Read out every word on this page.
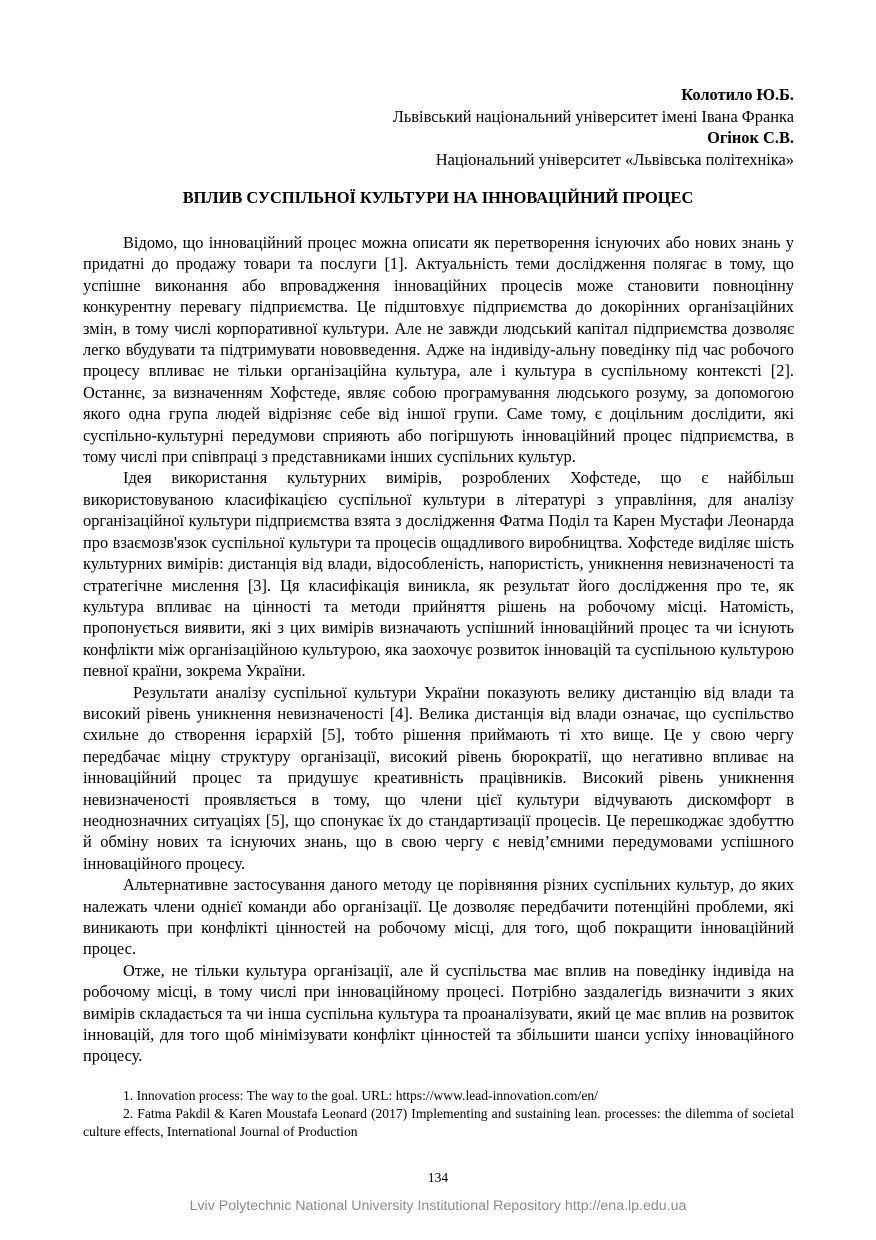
Колотило Ю.Б.
Львівський національний університет імені Івана Франка
Огінок С.В.
Національний університет «Львівська політехніка»
ВПЛИВ СУСПІЛЬНОЇ КУЛЬТУРИ НА ІННОВАЦІЙНИЙ ПРОЦЕС

Відомо, що інноваційний процес можна описати як перетворення існуючих або нових знань у придатні до продажу товари та послуги [1]. Актуальність теми дослідження полягає в тому, що успішне виконання або впровадження інноваційних процесів може становити повноцінну конкурентну перевагу підприємства. Це підштовхує підприємства до докорінних організаційних змін, в тому числі корпоративної культури. Але не завжди людський капітал підприємства дозволяє легко вбудувати та підтримувати нововведення. Адже на індивіду-альну поведінку під час робочого процесу впливає не тільки організаційна культура, але і культура в суспільному контексті [2]. Останнє, за визначенням Хофстеде, являє собою програмування людського розуму, за допомогою якого одна група людей відрізняє себе від іншої групи. Саме тому, є доцільним дослідити, які суспільно-культурні передумови сприяють або погіршують інноваційний процес підприємства, в тому числі при співпраці з представниками інших суспільних культур.

Ідея використання культурних вимірів, розроблених Хофстеде, що є найбільш використовуваною класифікацією суспільної культури в літературі з управління, для аналізу організаційної культури підприємства взята з дослідження Фатма Поділ та Карен Мустафи Леонарда про взаємозв'язок суспільної культури та процесів ощадливого виробництва. Хофстеде виділяє шість культурних вимірів: дистанція від влади, відособленість, напористість, уникнення невизначеності та стратегічне мислення [3]. Ця класифікація виникла, як результат його дослідження про те, як культура впливає на цінності та методи прийняття рішень на робочому місці. Натомість, пропонується виявити, які з цих вимірів визначають успішний інноваційний процес та чи існують конфлікти між організаційною культурою, яка заохочує розвиток інновацій та суспільною культурою певної країни, зокрема України.

Результати аналізу суспільної культури України показують велику дистанцію від влади та високий рівень уникнення невизначеності [4]. Велика дистанція від влади означає, що суспільство схильне до створення ієрархій [5], тобто рішення приймають ті хто вище. Це у свою чергу передбачає міцну структуру організації, високий рівень бюрократії, що негативно впливає на інноваційний процес та придушує креативність працівників. Високий рівень уникнення невизначеності проявляється в тому, що члени цієї культури відчувають дискомфорт в неоднозначних ситуаціях [5], що спонукає їх до стандартизації процесів. Це перешкоджає здобуттю й обміну нових та існуючих знань, що в свою чергу є невід’ємними передумовами успішного інноваційного процесу.

Альтернативне застосування даного методу це порівняння різних суспільних культур, до яких належать члени однієї команди або організації. Це дозволяє передбачити потенційні проблеми, які виникають при конфлікті цінностей на робочому місці, для того, щоб покращити інноваційний процес.

Отже, не тільки культура організації, але й суспільства має вплив на поведінку індивіда на робочому місці, в тому числі при інноваційному процесі. Потрібно заздалегідь визначити з яких вимірів складається та чи інша суспільна культура та проаналізувати, який це має вплив на розвиток інновацій, для того щоб мінімізувати конфлікт цінностей та збільшити шанси успіху інноваційного процесу.

1. Innovation process: The way to the goal. URL: https://www.lead-innovation.com/en/

2. Fatma Pakdil & Karen Moustafa Leonard (2017) Implementing and sustaining lean. processes: the dilemma of societal culture effects, International Journal of Production

134
Lviv Polytechnic National University Institutional Repository http://ena.lp.edu.ua
